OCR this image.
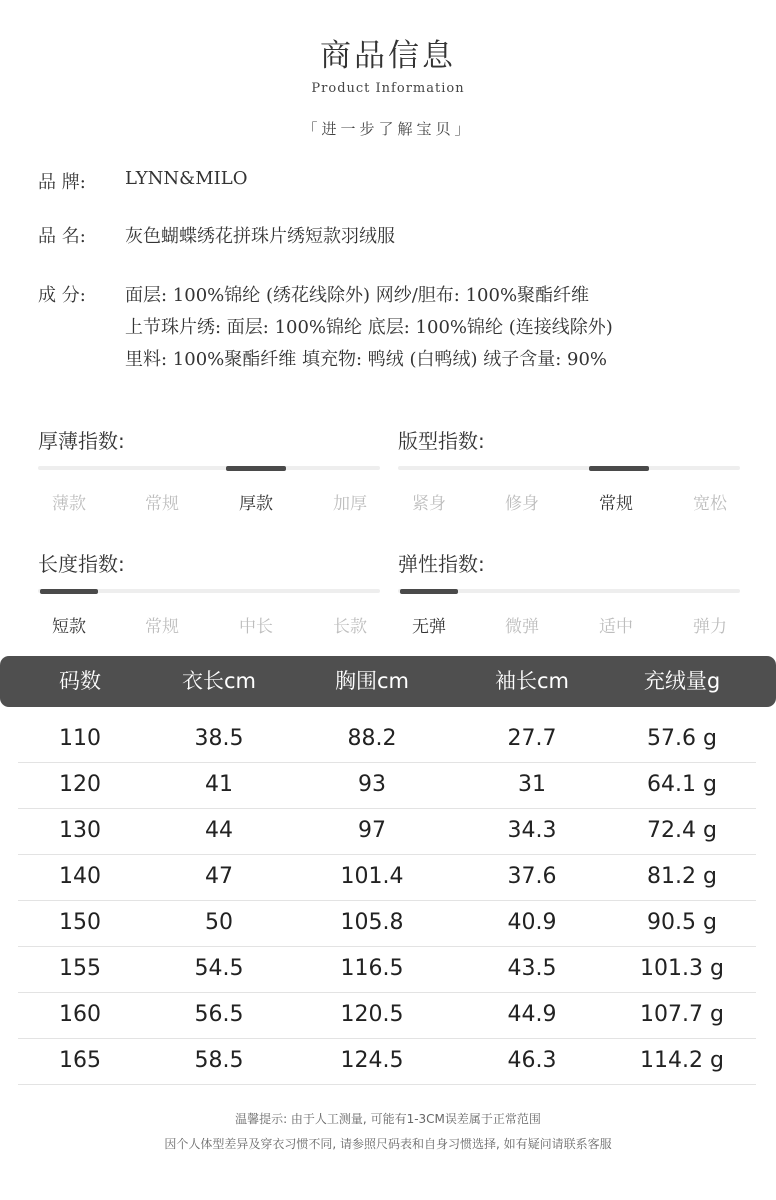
商品信息
Product Information
「进一步了解宝贝」
品 牌:	LYNN&MILO
品 名:	灰色蝴蝶绣花拼珠片绣短款羽绒服
成 分:	面层: 100%锦纶 (绣花线除外) 网纱/胆布: 100%聚酯纤维
上节珠片绣: 面层: 100%锦纶 底层: 100%锦纶 (连接线除外)
里料: 100%聚酯纤维 填充物: 鸭绒 (白鸭绒) 绒子含量: 90%
厚薄指数:
薄款	常规	厚款	加厚
版型指数:
紧身	修身	常规	宽松
长度指数:
短款	常规	中长	长款
弹性指数:
无弹	微弹	适中	弹力
码数	衣长cm	胸围cm	袖长cm	充绒量g
110	38.5	88.2	27.7	57.6 g
120	41	93	31	64.1 g
130	44	97	34.3	72.4 g
140	47	101.4	37.6	81.2 g
150	50	105.8	40.9	90.5 g
155	54.5	116.5	43.5	101.3 g
160	56.5	120.5	44.9	107.7 g
165	58.5	124.5	46.3	114.2 g
温馨提示: 由于人工测量, 可能有1-3CM误差属于正常范围
因个人体型差异及穿衣习惯不同, 请参照尺码表和自身习惯选择, 如有疑问请联系客服
